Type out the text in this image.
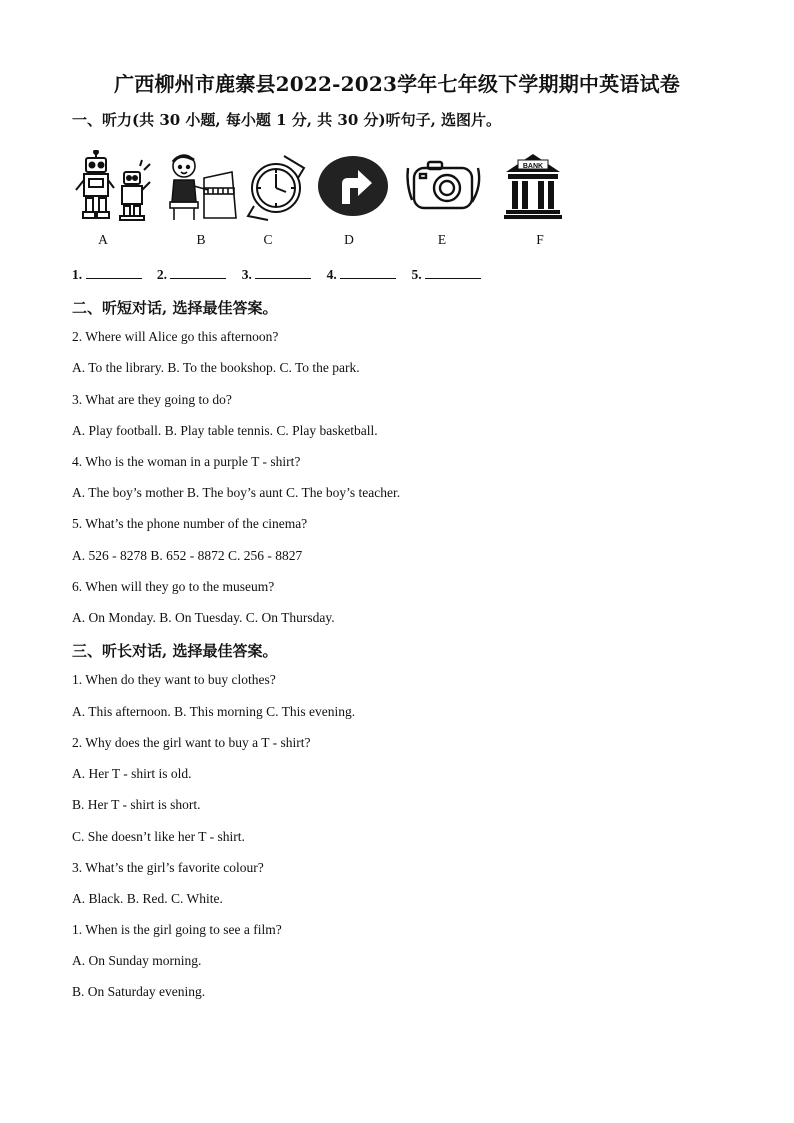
广西柳州市鹿寨县2022-2023学年七年级下学期期中英语试卷
一、听力(共 30 小题, 每小题 1 分, 共 30 分)听句子, 选图片。
BANK
A	B	C	D	E	F
1.	2.	3.	4.	5.
二、听短对话, 选择最佳答案。
2. Where will Alice go this afternoon?
A. To the library. B. To the bookshop. C. To the park.
3. What are they going to do?
A. Play football. B. Play table tennis. C. Play basketball.
4. Who is the woman in a purple T - shirt?
A. The boy’s mother B. The boy’s aunt C. The boy’s teacher.
5. What’s the phone number of the cinema?
A. 526 - 8278 B. 652 - 8872 C. 256 - 8827
6. When will they go to the museum?
A. On Monday. B. On Tuesday. C. On Thursday.
三、听长对话, 选择最佳答案。
1. When do they want to buy clothes?
A. This afternoon. B. This morning C. This evening.
2. Why does the girl want to buy a T - shirt?
A. Her T - shirt is old.
B. Her T - shirt is short.
C. She doesn’t like her T - shirt.
3. What’s the girl’s favorite colour?
A. Black. B. Red. C. White.
1. When is the girl going to see a film?
A. On Sunday morning.
B. On Saturday evening.
